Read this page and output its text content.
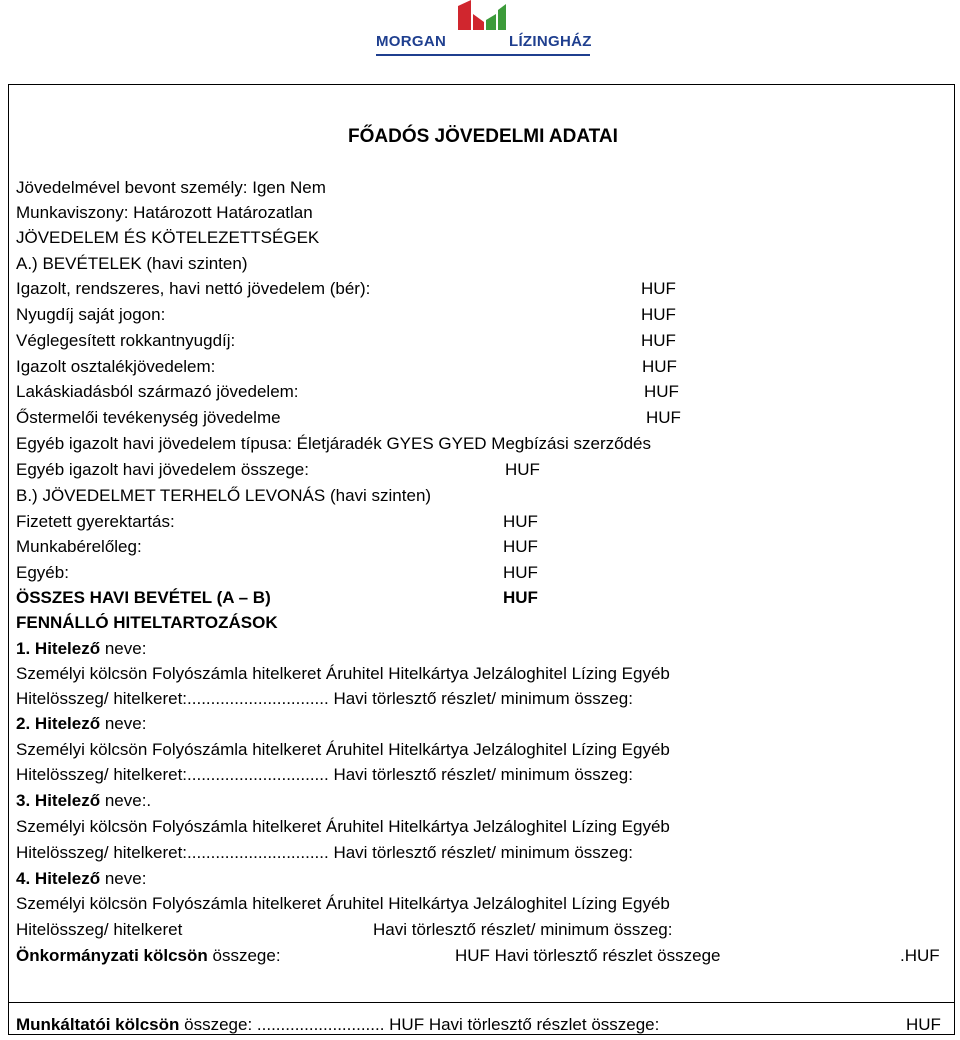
MORGAN	LÍZINGHÁZ
FŐADÓS JÖVEDELMI ADATAI
Jövedelmével bevont személy: Igen Nem
Munkaviszony: Határozott Határozatlan
JÖVEDELEM ÉS KÖTELEZETTSÉGEK
A.) BEVÉTELEK (havi szinten)
Igazolt, rendszeres, havi nettó jövedelem (bér):	HUF
Nyugdíj saját jogon:	HUF
Véglegesített rokkantnyugdíj:	HUF
Igazolt osztalékjövedelem:	HUF
Lakáskiadásból származó jövedelem:	HUF
Őstermelői tevékenység jövedelme	HUF
Egyéb igazolt havi jövedelem típusa: Életjáradék GYES GYED Megbízási szerződés
Egyéb igazolt havi jövedelem összege:	HUF
B.) JÖVEDELMET TERHELŐ LEVONÁS (havi szinten)
Fizetett gyerektartás:	HUF
Munkabérelőleg:	HUF
Egyéb:	HUF
ÖSSZES HAVI BEVÉTEL (A – B)	HUF
FENNÁLLÓ HITELTARTOZÁSOK
1. Hitelező neve:
Személyi kölcsön Folyószámla hitelkeret Áruhitel Hitelkártya Jelzáloghitel Lízing Egyéb
Hitelösszeg/ hitelkeret:.............................. Havi törlesztő részlet/ minimum összeg:
2. Hitelező neve:
Személyi kölcsön Folyószámla hitelkeret Áruhitel Hitelkártya Jelzáloghitel Lízing Egyéb
Hitelösszeg/ hitelkeret:.............................. Havi törlesztő részlet/ minimum összeg:
3. Hitelező neve:.
Személyi kölcsön Folyószámla hitelkeret Áruhitel Hitelkártya Jelzáloghitel Lízing Egyéb
Hitelösszeg/ hitelkeret:.............................. Havi törlesztő részlet/ minimum összeg:
4. Hitelező neve:
Személyi kölcsön Folyószámla hitelkeret Áruhitel Hitelkártya Jelzáloghitel Lízing Egyéb
Hitelösszeg/ hitelkeret	Havi törlesztő részlet/ minimum összeg:
Önkormányzati kölcsön összege:	HUF Havi törlesztő részlet összege	.HUF
Munkáltatói kölcsön összege: ........................... HUF Havi törlesztő részlet összege:	HUF
